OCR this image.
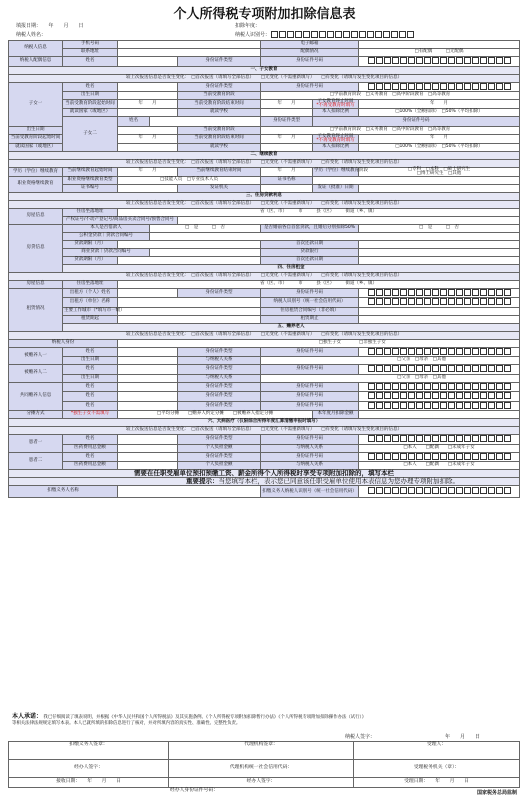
个人所得税专项附加扣除信息表
填报日期：　　年　　月　　日	扣除年度：
纳税人姓名：	纳税人识别号：
纳税人信息	手机号码				电子邮箱			
	联系地址				配偶情况		□有配偶　　　 □无配偶	
纳税人配偶信息	姓名			身份证件类型	身份证件号码			
一、子女教育								
较上次报送信息是否发生变化：　□首次报送（请填写全部信息）　　□无变化（不需重新填写）　　□有变化（请填写发生变化项目的信息）								
子女一	姓名			身份证件类型	身份证件号码			
	出生日期			当前受教育阶段	□学前教育阶段　□义务教育　□高中阶段教育　□高等教育			
	当前受教育阶段起始时间	年　　月		当前受教育阶段结束时间	年　　月	子女教育终止时间
*不再受教育时填写	年　　月	
	就读国家（或地区）			就读学校		本人扣除比例	□100%（全额扣除）　□50%（平均扣除）	
	子女二	姓名			身份证件类型	身份证件号码		
出生日期				当前受教育阶段	□学前教育阶段　□义务教育　□高中阶段教育　□高等教育			
当前受教育阶段起始时间		年　　月		当前受教育阶段结束时间	年　　月	子女教育终止时间
*不再受教育时填写	年　　月	
就读国家（或地区）				就读学校		本人扣除比例	□100%（全额扣除）　□50%（平均扣除）	
二、继续教育								
较上次报送信息是否发生变化：　□首次报送（请填写全部信息）　　□无变化（不需重新填写）　　□有变化（请填写发生变化项目的信息）								
学历（学位）继续教育	当前继续教育起始时间	年　　月		当前继续教育结束时间	年　　月	学历（学位）继续教育阶段	□专科　□本科　□硕士研究生
□博士研究生　□其他	
职业资格继续教育	职业资格继续教育类型	□技能人员　□专业技术人员			证书名称			
	证书编号			发证机关		发证（批准）日期		
三、住房贷款利息								
较上次报送信息是否发生变化：　□首次报送（请填写全部信息）　　□无变化（不需重新填写）　　□有变化（请填写发生变化项目的信息）								
房屋信息	住房坐落地址	省（区、市）　　　市　　　县（区）　　　街道（乡、镇）						
	产权证号/不动产登记号/商品房买卖合同号/预售合同号							
房贷信息	本人是否借款人		□　是　　　 □　否		是否婚前各自首套贷款，且婚后分别扣除50%		□　是　　　 □　否	
	公积金贷款｜贷款合同编号							
	贷款期限（月）				首次还款日期			
	商业贷款｜贷款合同编号				贷款银行			
	贷款期限（月）				首次还款日期			
	四、住房租金							
较上次报送信息是否发生变化：　□首次报送（请填写全部信息）　　□无变化（不需重新填写）　　□有变化（请填写发生变化项目的信息）								
房屋信息	住房坐落地址	省（区、市）　　　市　　　县（区）　　　街道（乡、镇）						
租赁情况	出租方（个人）姓名			身份证件类型	身份证件号码			
	出租方（单位）名称				纳税人识别号（统一社会信用代码）			
	主要工作城市（*填写市一级）				住房租赁合同编号（非必填）			
	租赁期起				租赁期止			
	五、赡养老人							
较上次报送信息是否发生变化：　□首次报送（请填写全部信息）　　□无变化（不需重新填写）　　□有变化（请填写发生变化项目的信息）								
纳税人身份	　　　　　　　　　　　　　　　	□独生子女　　　　 □非独生子女						
被赡养人一	姓名			身份证件类型	身份证件号码			
	出生日期			与纳税人关系	　　　　　　　　　　　　　　□父亲　□母亲　□其他			
被赡养人二	姓名			身份证件类型	身份证件号码			
	出生日期			与纳税人关系	　　　　　　　　　　　　　　□父亲　□母亲　□其他			
共同赡养人信息	姓名			身份证件类型	身份证件号码			
	姓名			身份证件类型	身份证件号码			
	姓名			身份证件类型	身份证件号码			
分摊方式	*独生子女不需填写	□平均分摊　　□赡养人约定分摊　　□被赡养人指定分摊				本年度月扣除金额		
六、大病医疗（仅限综合所得年度汇算清缴申报时填写）								
较上次报送信息是否发生变化：　□首次报送（请填写全部信息）　　□无变化（不需重新填写）　　□有变化（请填写发生变化项目的信息）								
患者一	姓名			身份证件类型	身份证件号码			
	医药费用总金额			个人负担金额	与纳税人关系		□本人　　□配偶　　□未成年子女	
患者二	姓名			身份证件类型	身份证件号码			
	医药费用总金额			个人负担金额	与纳税人关系		□本人　　□配偶　　□未成年子女	
需要在任职受雇单位预扣预缴工资、薪金所得个人所得税时享受专项附加扣除的，填写本栏								
　　　　　　　　　　　　　　　　　　重要提示：当您填写本栏，表示您已同意该任职受雇单位使用本表信息为您办理专项附加扣除。								
扣缴义务人名称					扣缴义务人纳税人识别号（统一社会信用代码）			
本人承诺：　 我已仔细阅读了填表说明，并根据《中华人民共和国个人所得税法》及其实施条例、《个人所得税专项附加扣除暂行办法》《个人所得税专项附加扣除操作办法（试行）》
等相关法律法规规定填写本表。本人已就所填的扣除信息进行了核对，并对所填内容的真实性、准确性、完整性负责。
纳税人签字：	年　　月　　日
扣缴义务人签章：	代理机构签章：	受理人：
经办人签字：	代理机构统一社会信用代码：	受理税务机关（章）：
接收日期：　　年　　月　　日	经办人签字：	受理日期：　　年　　月　　日
经办人身份证件号码：	国家税务总局监制
